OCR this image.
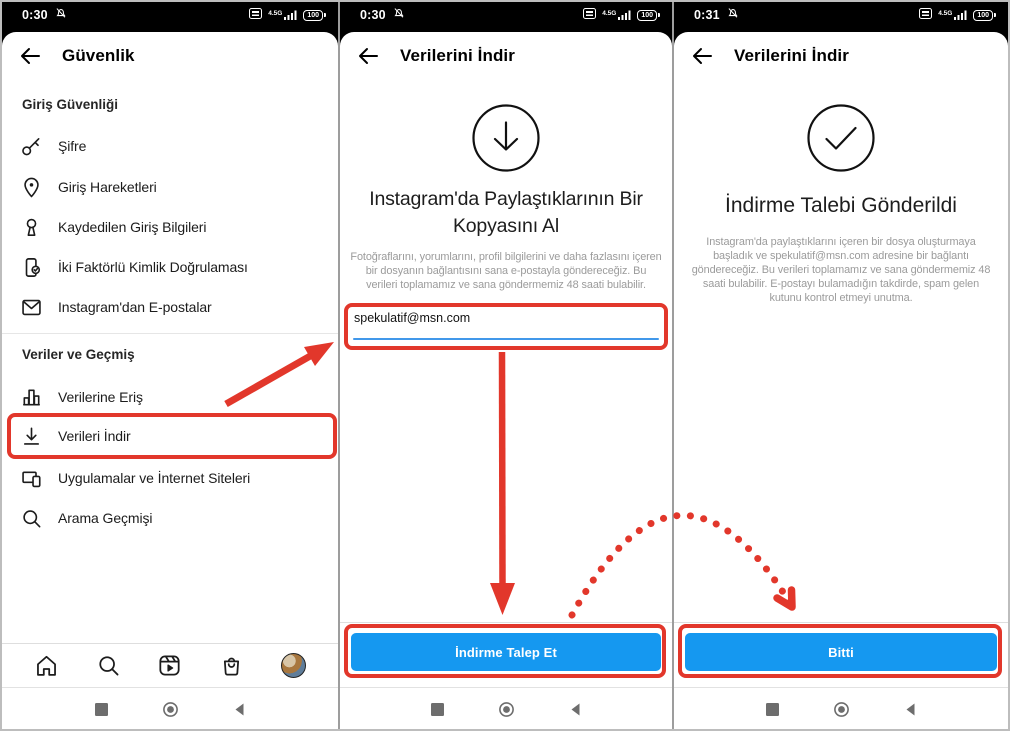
0:30	4.5G	100
Güvenlik
Giriş Güvenliği
Şifre
Giriş Hareketleri
Kaydedilen Giriş Bilgileri
İki Faktörlü Kimlik Doğrulaması
Instagram'dan E-postalar
Veriler ve Geçmiş
Verilerine Eriş
Verileri İndir
Uygulamalar ve İnternet Siteleri
Arama Geçmişi
0:30	4.5G	100
Verilerini İndir
Instagram'da Paylaştıklarının Bir Kopyasını Al
Fotoğraflarını, yorumlarını, profil bilgilerini ve daha fazlasını içeren bir dosyanın bağlantısını sana e-postayla göndereceğiz. Bu verileri toplamamız ve sana göndermemiz 48 saati bulabilir.
spekulatif@msn.com
İndirme Talep Et
0:31	4.5G	100
Verilerini İndir
İndirme Talebi Gönderildi
Instagram'da paylaştıklarını içeren bir dosya oluşturmaya başladık ve spekulatif@msn.com adresine bir bağlantı göndereceğiz. Bu verileri toplamamız ve sana göndermemiz 48 saati bulabilir. E-postayı bulamadığın takdirde, spam gelen kutunu kontrol etmeyi unutma.
Bitti
